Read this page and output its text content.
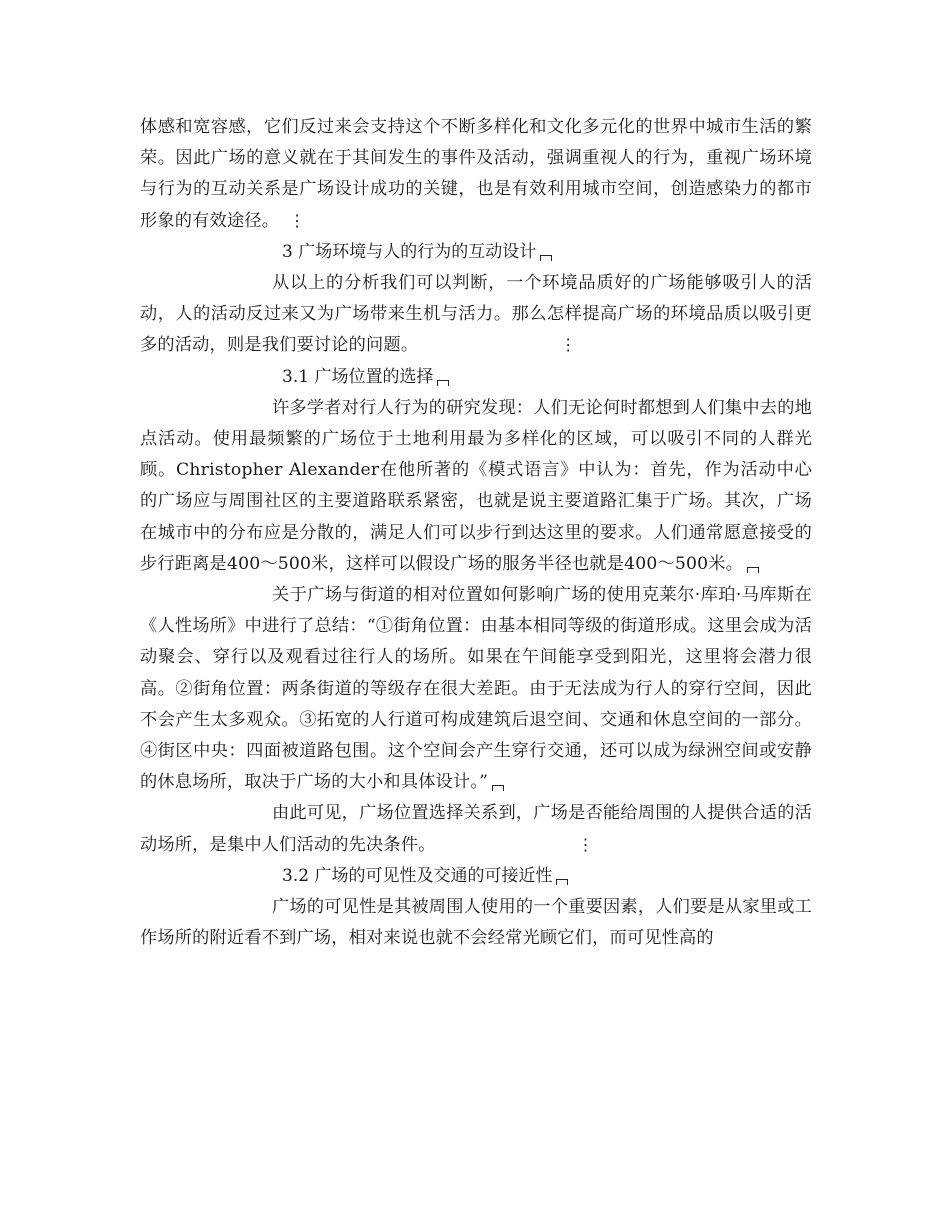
体感和宽容感，它们反过来会支持这个不断多样化和文化多元化的世界中城市生活的繁荣。因此广场的意义就在于其间发生的事件及活动，强调重视人的行为，重视广场环境与行为的互动关系是广场设计成功的关键，也是有效利用城市空间，创造感染力的都市形象的有效途径。 ⋮

3 广场环境与人的行为的互动设计

从以上的分析我们可以判断，一个环境品质好的广场能够吸引人的活动，人的活动反过来又为广场带来生机与活力。那么怎样提高广场的环境品质以吸引更多的活动，则是我们要讨论的问题。	⋮

3.1 广场位置的选择

许多学者对行人行为的研究发现：人们无论何时都想到人们集中去的地点活动。使用最频繁的广场位于土地利用最为多样化的区域，可以吸引不同的人群光顾。Christopher Alexander在他所著的《模式语言》中认为：首先，作为活动中心的广场应与周围社区的主要道路联系紧密，也就是说主要道路汇集于广场。其次，广场在城市中的分布应是分散的，满足人们可以步行到达这里的要求。人们通常愿意接受的步行距离是400～500米，这样可以假设广场的服务半径也就是400～500米。

关于广场与街道的相对位置如何影响广场的使用克莱尔·库珀·马库斯在《人性场所》中进行了总结：“①街角位置：由基本相同等级的街道形成。这里会成为活动聚会、穿行以及观看过往行人的场所。如果在午间能享受到阳光，这里将会潜力很高。②街角位置：两条街道的等级存在很大差距。由于无法成为行人的穿行空间，因此不会产生太多观众。③拓宽的人行道可构成建筑后退空间、交通和休息空间的一部分。④街区中央：四面被道路包围。这个空间会产生穿行交通，还可以成为绿洲空间或安静的休息场所，取决于广场的大小和具体设计。”

由此可见，广场位置选择关系到，广场是否能给周围的人提供合适的活动场所，是集中人们活动的先决条件。	⋮

3.2 广场的可见性及交通的可接近性

广场的可见性是其被周围人使用的一个重要因素，人们要是从家里或工作场所的附近看不到广场，相对来说也就不会经常光顾它们，而可见性高的
